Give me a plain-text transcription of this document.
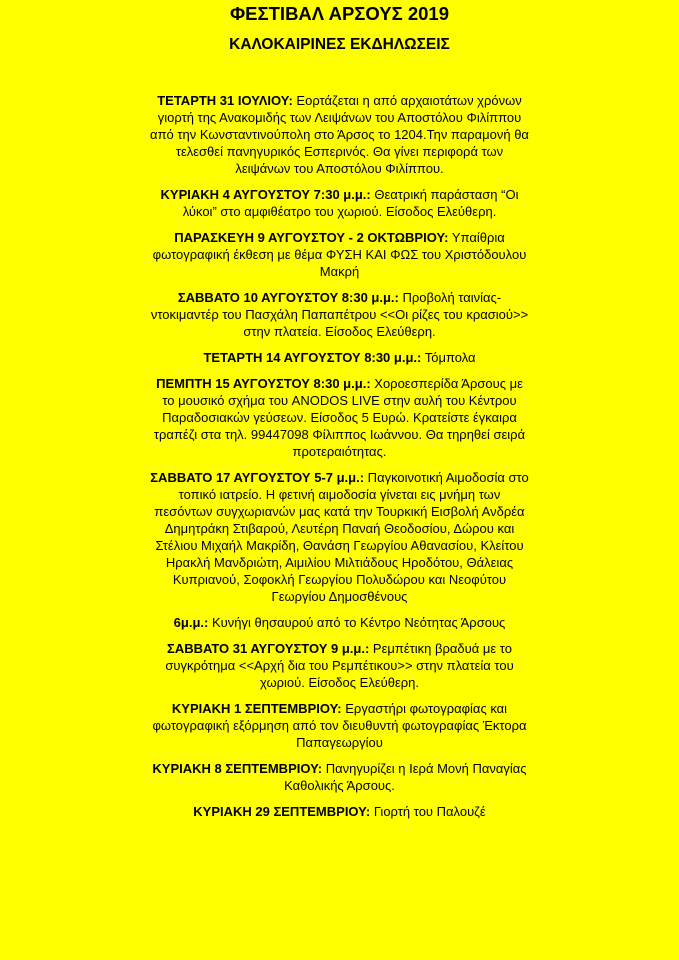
ΦΕΣΤΙΒΑΛ ΑΡΣΟΥΣ 2019
ΚΑΛΟΚΑΙΡΙΝΕΣ ΕΚΔΗΛΩΣΕΙΣ

ΤΕΤΑΡΤΗ 31 ΙΟΥΛΙΟΥ: Εορτάζεται η από αρχαιοτάτων χρόνων γιορτή της Ανακομιδής των Λειψάνων του Αποστόλου Φιλίππου από την Κωνσταντινούπολη στο Άρσος το 1204.Την παραμονή θα τελεσθεί πανηγυρικός Εσπερινός. Θα γίνει περιφορά των λειψάνων του Αποστόλου Φιλίππου.

ΚΥΡΙΑΚΗ 4 ΑΥΓΟΥΣΤΟΥ 7:30 μ.μ.: Θεατρική παράσταση “Οι λύκοι” στο αμφιθέατρο του χωριού. Είσοδος Ελεύθερη.

ΠΑΡΑΣΚΕΥΗ 9 ΑΥΓΟΥΣΤΟΥ - 2 ΟΚΤΩΒΡΙΟΥ: Υπαίθρια φωτογραφική έκθεση με θέμα ΦΥΣΗ ΚΑΙ ΦΩΣ του Χριστόδουλου Μακρή

ΣΑΒΒΑΤΟ 10 ΑΥΓΟΥΣΤΟΥ 8:30 μ.μ.: Προβολή ταινίας-ντοκιμαντέρ του Πασχάλη Παπαπέτρου <<Οι ρίζες του κρασιού>> στην πλατεία. Είσοδος Ελεύθερη.

ΤΕΤΑΡΤΗ 14 ΑΥΓΟΥΣΤΟΥ 8:30 μ.μ.: Τόμπολα

ΠΕΜΠΤΗ 15 ΑΥΓΟΥΣΤΟΥ 8:30 μ.μ.: Χοροεσπερίδα Άρσους με το μουσικό σχήμα του ANODOS LIVE στην αυλή του Κέντρου Παραδοσιακών γεύσεων. Είσοδος 5 Ευρώ. Κρατείστε έγκαιρα τραπέζι στα τηλ. 99447098 Φίλιππος Ιωάννου. Θα τηρηθεί σειρά προτεραιότητας.

ΣΑΒΒΑΤΟ 17 ΑΥΓΟΥΣΤΟΥ 5-7 μ.μ.: Παγκοινοτική Αιμοδοσία στο τοπικό ιατρείο. Η φετινή αιμοδοσία γίνεται εις μνήμη των πεσόντων συγχωριανών μας κατά την Τουρκική Εισβολή Ανδρέα Δημητράκη Στιβαρού, Λευτέρη Παναή Θεοδοσίου, Δώρου και Στέλιου Μιχαήλ Μακρίδη, Θανάση Γεωργίου Αθανασίου, Κλείτου Ηρακλή Μανδριώτη, Αιμιλίου Μιλτιάδους Ηροδότου, Θάλειας Κυπριανού, Σοφοκλή Γεωργίου Πολυδώρου και Νεοφύτου Γεωργίου Δημοσθένους

6μ.μ.: Κυνήγι θησαυρού από το Κέντρο Νεότητας Άρσους

ΣΑΒΒΑΤΟ 31 ΑΥΓΟΥΣΤΟΥ 9 μ.μ.: Ρεμπέτικη βραδυά με το συγκρότημα <<Αρχή δια του Ρεμπέτικου>> στην πλατεία του χωριού. Είσοδος Ελεύθερη.

ΚΥΡΙΑΚΗ 1 ΣΕΠΤΕΜΒΡΙΟΥ: Εργαστήρι φωτογραφίας και φωτογραφική εξόρμηση από τον διευθυντή φωτογραφίας Έκτορα Παπαγεωργίου

ΚΥΡΙΑΚΗ 8 ΣΕΠΤΕΜΒΡΙΟΥ: Πανηγυρίζει η Ιερά Μονή Παναγίας Καθολικής Άρσους.

ΚΥΡΙΑΚΗ 29 ΣΕΠΤΕΜΒΡΙΟΥ: Γιορτή του Παλουζέ
